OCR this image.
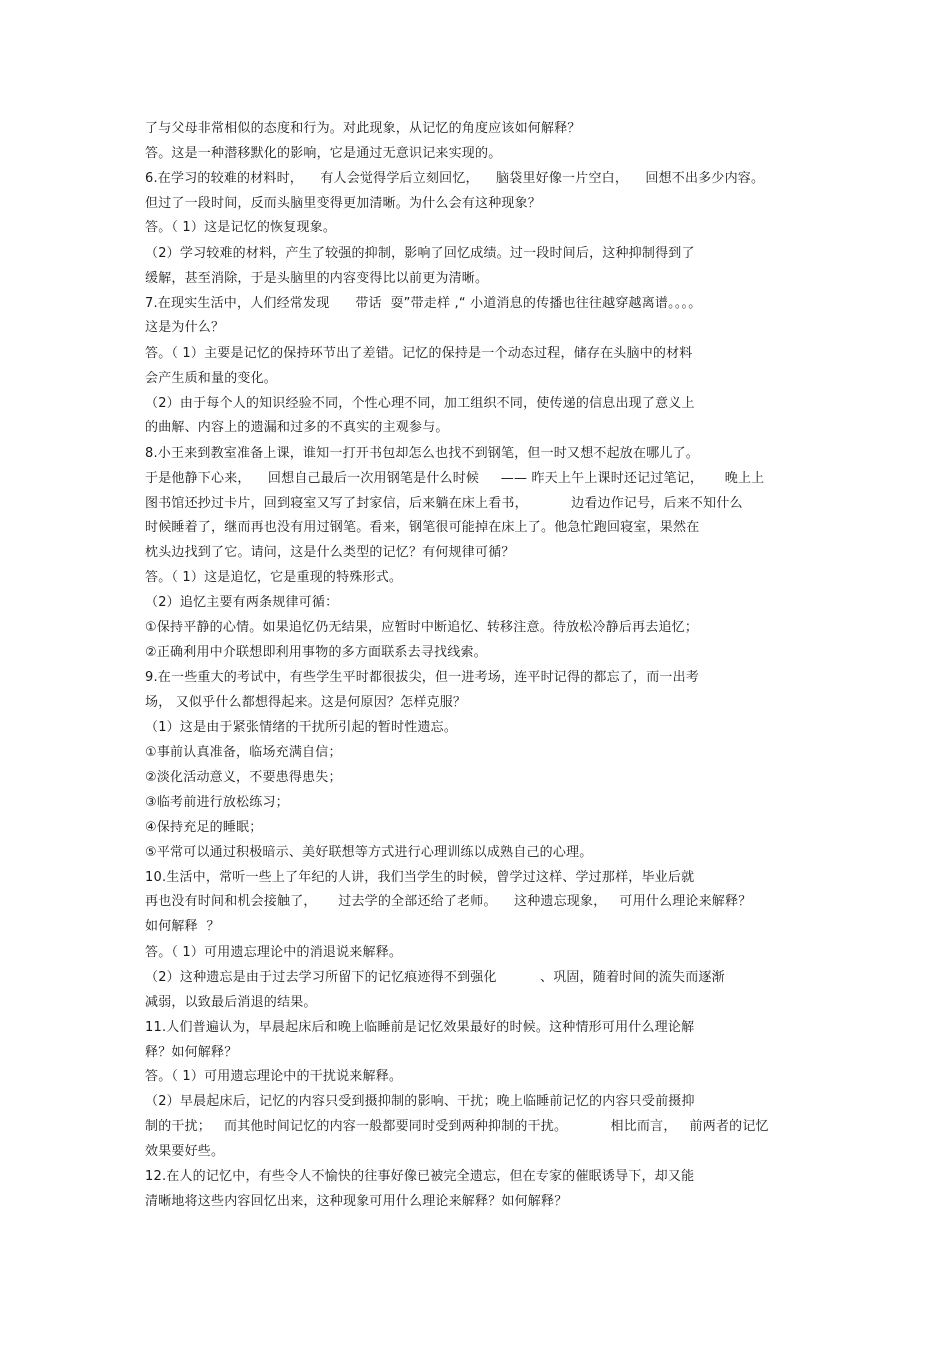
了与父母非常相似的态度和行为。对此现象，从记忆的角度应该如何解释？
答。这是一种潜移默化的影响，它是通过无意识记来实现的。
6.在学习的较难的材料时，    有人会觉得学后立刻回忆，    脑袋里好像一片空白，    回想不出多少内容。
但过了一段时间，反而头脑里变得更加清晰。为什么会有这种现象？
答。（ 1）这是记忆的恢复现象。
（2）学习较难的材料，产生了较强的抑制，影响了回忆成绩。过一段时间后，这种抑制得到了
缓解，甚至消除，于是头脑里的内容变得比以前更为清晰。
7.在现实生活中，人们经常发现      带话  耍”带走样 ,“ 小道消息的传播也往往越穿越离谱。。。。
这是为什么？
答。（ 1）主要是记忆的保持环节出了差错。记忆的保持是一个动态过程，储存在头脑中的材料
会产生质和量的变化。
（2）由于每个人的知识经验不同，个性心理不同，加工组织不同，使传递的信息出现了意义上
的曲解、内容上的遗漏和过多的不真实的主观参与。
8.小王来到教室准备上课，谁知一打开书包却怎么也找不到钢笔，但一时又想不起放在哪儿了。
于是他静下心来，    回想自己最后一次用钢笔是什么时候     —— 昨天上午上课时还记过笔记，     晚上上
图书馆还抄过卡片，回到寝室又写了封家信，后来躺在床上看书，          边看边作记号，后来不知什么
时候睡着了，继而再也没有用过钢笔。看来，钢笔很可能掉在床上了。他急忙跑回寝室，果然在
枕头边找到了它。请问，这是什么类型的记忆？有何规律可循？
答。（ 1）这是追忆，它是重现的特殊形式。
（2）追忆主要有两条规律可循：
①保持平静的心情。如果追忆仍无结果，应暂时中断追忆、转移注意。待放松冷静后再去追忆；
②正确利用中介联想即利用事物的多方面联系去寻找线索。
9.在一些重大的考试中，有些学生平时都很拔尖，但一进考场，连平时记得的都忘了，而一出考
场， 又似乎什么都想得起来。这是何原因？怎样克服？
（1）这是由于紧张情绪的干扰所引起的暂时性遗忘。
①事前认真准备，临场充满自信；
②淡化活动意义，不要患得患失；
③临考前进行放松练习；
④保持充足的睡眠；
⑤平常可以通过积极暗示、美好联想等方式进行心理训练以成熟自己的心理。
10.生活中，常听一些上了年纪的人讲，我们当学生的时候，曾学过这样、学过那样，毕业后就
再也没有时间和机会接触了，     过去学的全部还给了老师。    这种遗忘现象，   可用什么理论来解释？
如何解释  ？
答。（ 1）可用遗忘理论中的消退说来解释。
（2）这种遗忘是由于过去学习所留下的记忆痕迹得不到强化          、巩固，随着时间的流失而逐渐
减弱，以致最后消退的结果。
11.人们普遍认为，早晨起床后和晚上临睡前是记忆效果最好的时候。这种情形可用什么理论解
释？如何解释？
答。（ 1）可用遗忘理论中的干扰说来解释。
（2）早晨起床后，记忆的内容只受到摄抑制的影响、干扰；晚上临睡前记忆的内容只受前摄抑
制的干扰；   而其他时间记忆的内容一般都要同时受到两种抑制的干扰。          相比而言，   前两者的记忆
效果要好些。
12.在人的记忆中，有些令人不愉快的往事好像已被完全遗忘，但在专家的催眠诱导下，却又能
清晰地将这些内容回忆出来，这种现象可用什么理论来解释？如何解释？
